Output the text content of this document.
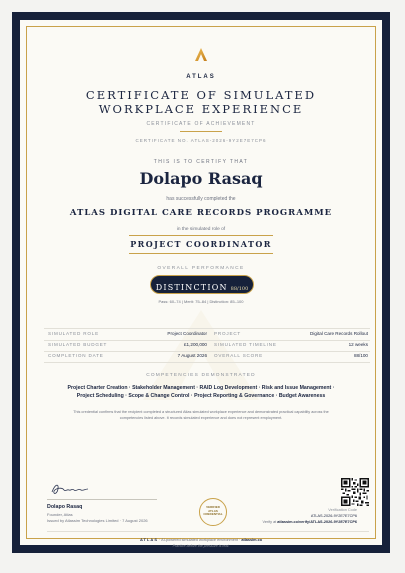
ATLAS
CERTIFICATE OF SIMULATED
WORKPLACE EXPERIENCE
CERTIFICATE OF ACHIEVEMENT
CERTIFICATE NO. ATLAS-2026-9Y2E7E7CP6
THIS IS TO CERTIFY THAT
Dolapo Rasaq
has successfully completed the
ATLAS DIGITAL CARE RECORDS PROGRAMME
in the simulated role of
PROJECT COORDINATOR
OVERALL PERFORMANCE
DISTINCTION 88/100
Pass: 60–74 | Merit: 75–84 | Distinction: 85–100
SIMULATED ROLE	Project Coordinator PROJECT	Digital Care Records Rollout
SIMULATED BUDGET	£1,200,000 SIMULATED TIMELINE	12 weeks
COMPLETION DATE	7 August 2026 OVERALL SCORE	88/100
COMPETENCIES DEMONSTRATED
Project Charter Creation · Stakeholder Management · RAID Log Development · Risk and Issue Management ·
Project Scheduling · Scope & Change Control · Project Reporting & Governance · Budget Awareness
This credential confirms that the recipient completed a structured Atlas simulated workplace experience and demonstrated practical capability across the competencies listed above. It records simulated experience and does not represent employment.
Dolapo Rasaq
Founder, Atlas
Issued by Atlassim Technologies Limited · 7 August 2026
VERIFIED
ATLAS
CREDENTIAL
Verification Code
ATLAS-2026-9Y2E7E7CP6
Verify at atlassim.co/verify/ATLAS-2026-9Y2E7E7CP6
ATLAS · AI-powered simulated workplace environment · atlassim.co
Practice before the pressure is real.
